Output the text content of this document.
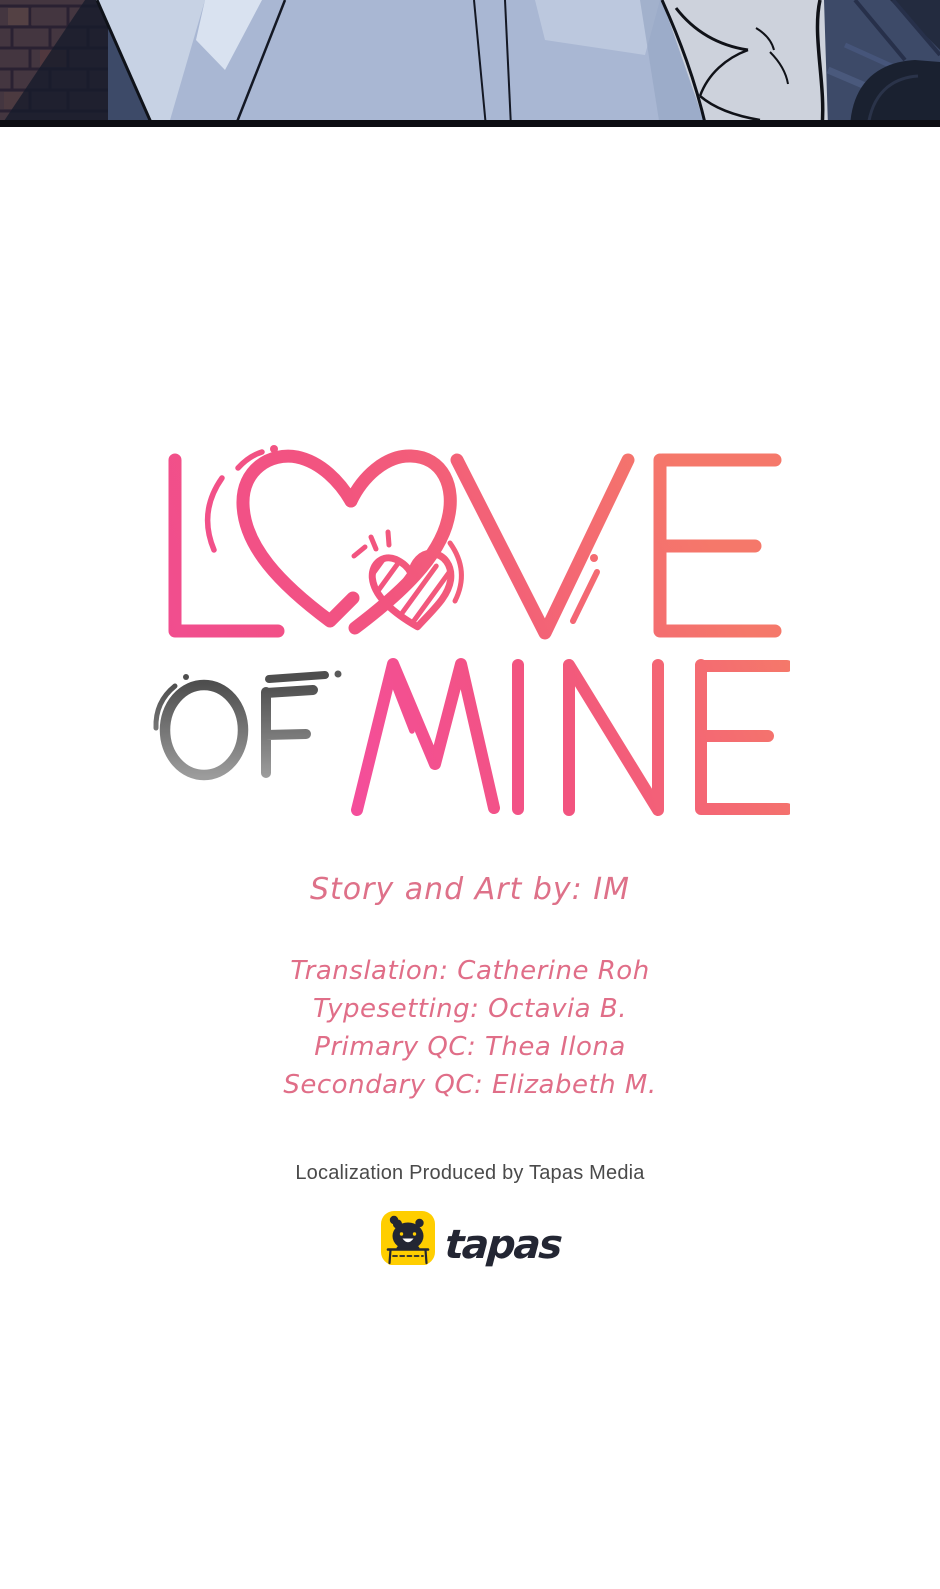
Story and Art by: IM

Translation: Catherine Roh

Typesetting: Octavia B.

Primary QC: Thea Ilona

Secondary QC: Elizabeth M.

Localization Produced by Tapas Media
tapas
